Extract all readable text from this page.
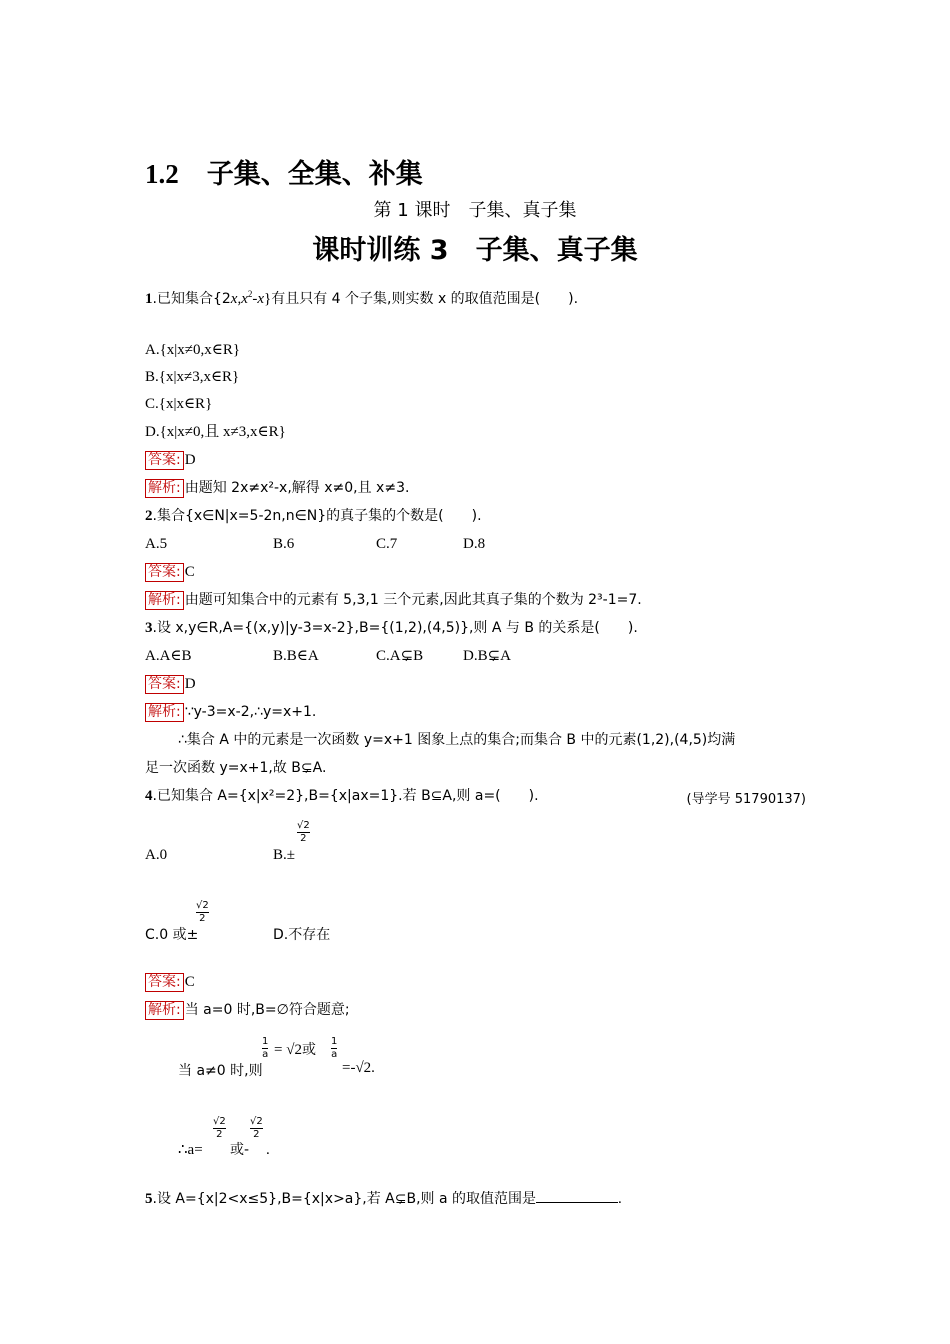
1.2 子集、全集、补集
第 1 课时　子集、真子集
课时训练 3　子集、真子集
1.已知集合$\{2x,x^2-x\}$有且只有 4 个子集,则实数 x 的取值范围是(　　).
A.{x|x≠0,x∈R}
B.{x|x≠3,x∈R}
C.{x|x∈R}
D.{x|x≠0,且 x≠3,x∈R}
答案: D
解析: 由题知 2x≠x²-x,解得 x≠0,且 x≠3.
2.集合{x∈N|x=5-2n,n∈N}的真子集的个数是(　　).
A.5	B.6	C.7	D.8
答案: C
解析: 由题可知集合中的元素有 5,3,1 三个元素,因此其真子集的个数为 2³-1=7.
3.设 x,y∈R,A={(x,y)|y-3=x-2},B={(1,2),(4,5)},则 A 与 B 的关系是(　　).
A.A∈B	B.B∈A	C.A⊊B	D.B⊊A
答案: D
解析: ∵y-3=x-2,∴y=x+1.
∴集合 A 中的元素是一次函数 y=x+1 图象上点的集合;而集合 B 中的元素(1,2),(4,5)均满
足一次函数 y=x+1,故 B⊊A.
4.已知集合 A={x|x²=2},B={x|ax=1}.若 B⊆A,则 a=(　　).	(导学号 51790137)
A.0	B.±
$\frac{√2}{2}$
C.0 或±
$\frac{√2}{2}$
D.不存在
答案: C
解析: 当 a=0 时,B=∅符合题意;
当 a≠0 时,则
$\frac{1}{a} = √2$或 $\frac{1}{a}$
=-√2.
∴a=
$\frac{√2}{2}$
或-
$\frac{√2}{2}$
.
5.设 A={x|2<x≤5},B={x|x>a},若 A⊊B,则 a 的取值范围是	.
